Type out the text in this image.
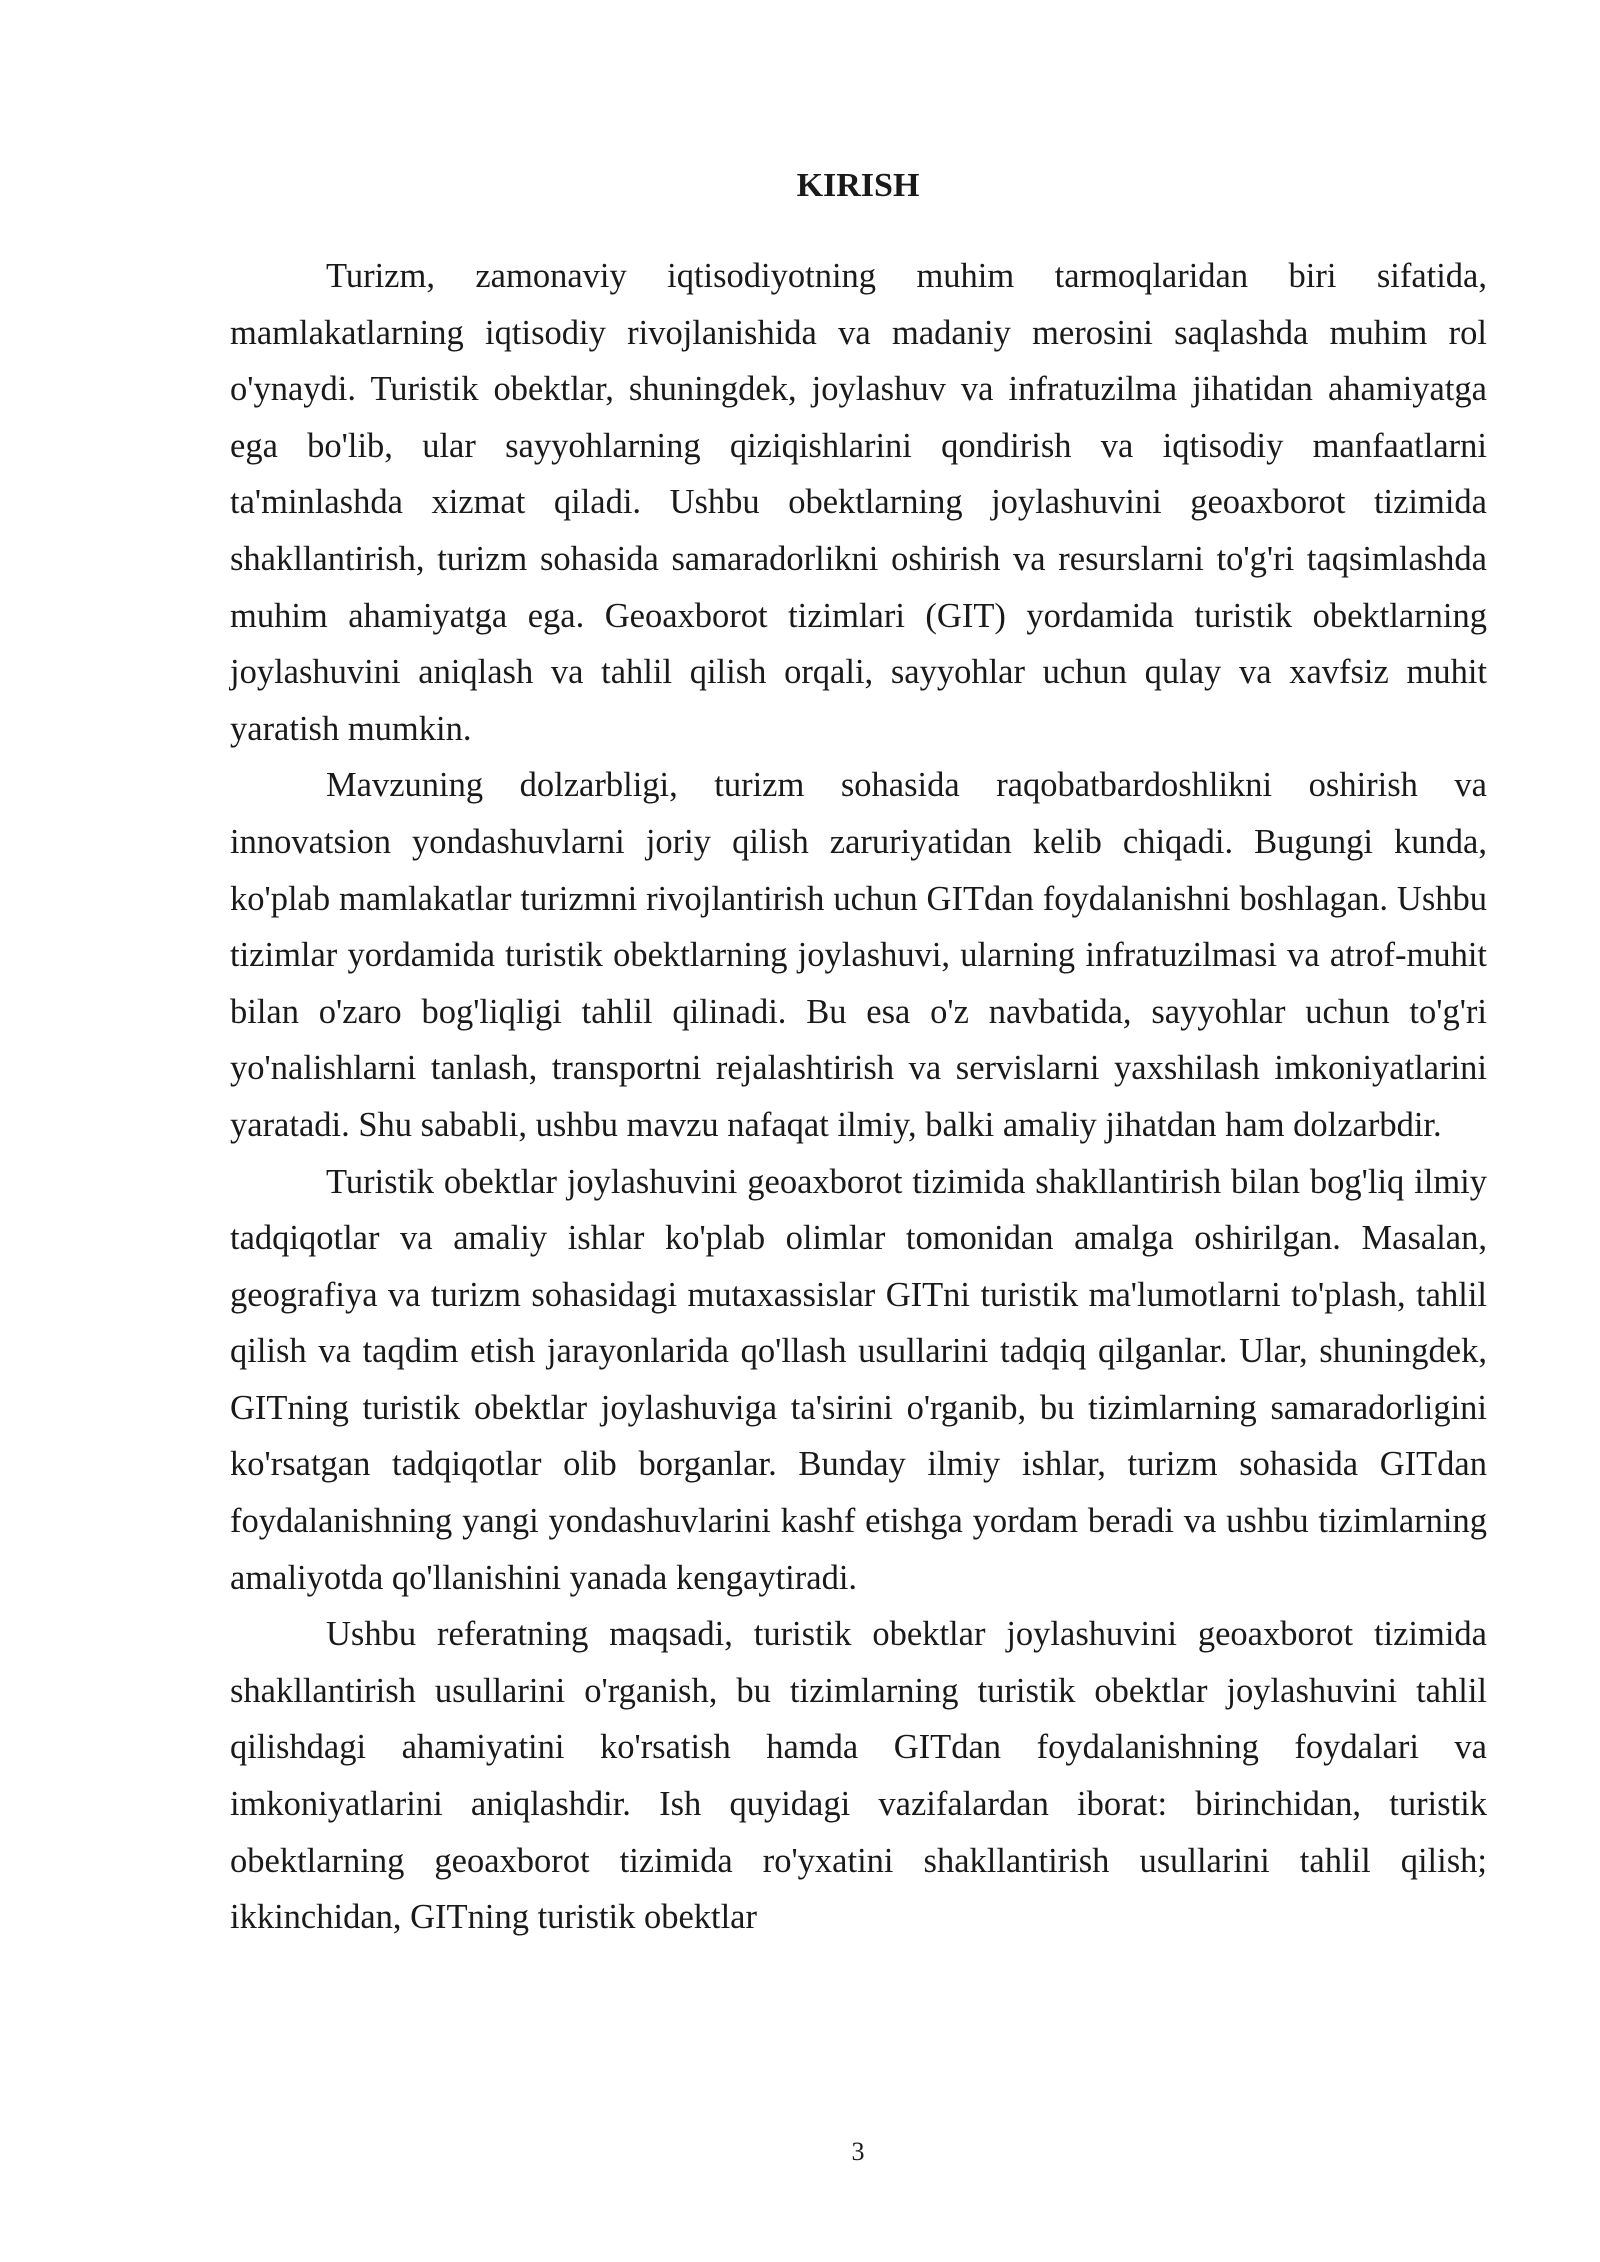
KIRISH

Turizm, zamonaviy iqtisodiyotning muhim tarmoqlaridan biri sifatida, mamlakatlarning iqtisodiy rivojlanishida va madaniy merosini saqlashda muhim rol o'ynaydi. Turistik obektlar, shuningdek, joylashuv va infratuzilma jihatidan ahamiyatga ega bo'lib, ular sayyohlarning qiziqishlarini qondirish va iqtisodiy manfaatlarni ta'minlashda xizmat qiladi. Ushbu obektlarning joylashuvini geoaxborot tizimida shakllantirish, turizm sohasida samaradorlikni oshirish va resurslarni to'g'ri taqsimlashda muhim ahamiyatga ega. Geoaxborot tizimlari (GIT) yordamida turistik obektlarning joylashuvini aniqlash va tahlil qilish orqali, sayyohlar uchun qulay va xavfsiz muhit yaratish mumkin.

Mavzuning dolzarbligi, turizm sohasida raqobatbardoshlikni oshirish va innovatsion yondashuvlarni joriy qilish zaruriyatidan kelib chiqadi. Bugungi kunda, ko'plab mamlakatlar turizmni rivojlantirish uchun GITdan foydalanishni boshlagan. Ushbu tizimlar yordamida turistik obektlarning joylashuvi, ularning infratuzilmasi va atrof-muhit bilan o'zaro bog'liqligi tahlil qilinadi. Bu esa o'z navbatida, sayyohlar uchun to'g'ri yo'nalishlarni tanlash, transportni rejalashtirish va servislarni yaxshilash imkoniyatlarini yaratadi. Shu sababli, ushbu mavzu nafaqat ilmiy, balki amaliy jihatdan ham dolzarbdir.

Turistik obektlar joylashuvini geoaxborot tizimida shakllantirish bilan bog'liq ilmiy tadqiqotlar va amaliy ishlar ko'plab olimlar tomonidan amalga oshirilgan. Masalan, geografiya va turizm sohasidagi mutaxassislar GITni turistik ma'lumotlarni to'plash, tahlil qilish va taqdim etish jarayonlarida qo'llash usullarini tadqiq qilganlar. Ular, shuningdek, GITning turistik obektlar joylashuviga ta'sirini o'rganib, bu tizimlarning samaradorligini ko'rsatgan tadqiqotlar olib borganlar. Bunday ilmiy ishlar, turizm sohasida GITdan foydalanishning yangi yondashuvlarini kashf etishga yordam beradi va ushbu tizimlarning amaliyotda qo'llanishini yanada kengaytiradi.

Ushbu referatning maqsadi, turistik obektlar joylashuvini geoaxborot tizimida shakllantirish usullarini o'rganish, bu tizimlarning turistik obektlar joylashuvini tahlil qilishdagi ahamiyatini ko'rsatish hamda GITdan foydalanishning foydalari va imkoniyatlarini aniqlashdir. Ish quyidagi vazifalardan iborat: birinchidan, turistik obektlarning geoaxborot tizimida ro'yxatini shakllantirish usullarini tahlil qilish; ikkinchidan, GITning turistik obektlar

3
